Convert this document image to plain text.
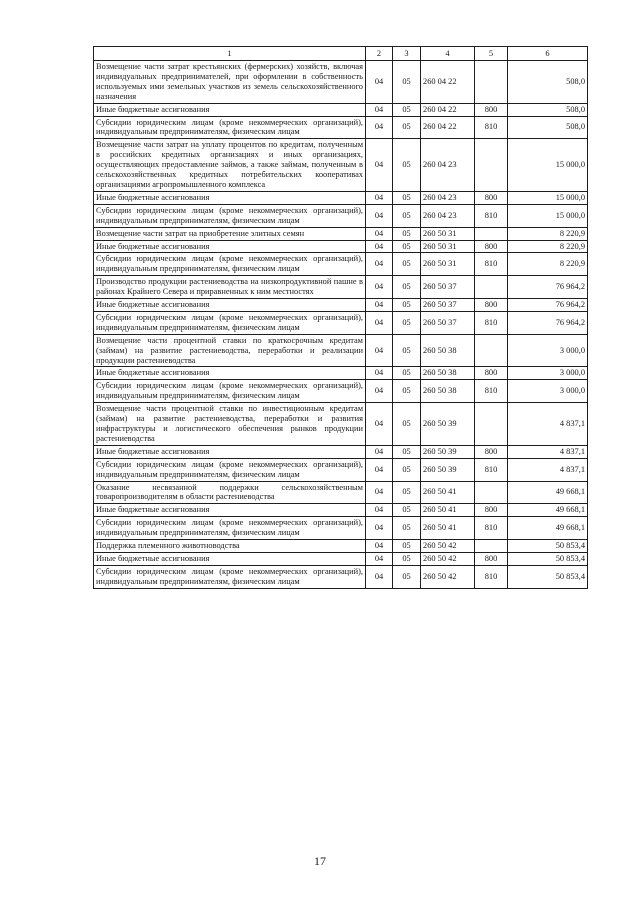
1	2	3	4	5	6
Возмещение части затрат крестьянских (фермерских) хозяйств, включая индивидуальных предпринимателей, при оформлении в собственность используемых ими земельных участков из земель сельскохозяйственного назначения	04	05	260 04 22		508,0
Иные бюджетные ассигнования	04	05	260 04 22	800	508,0
Субсидии юридическим лицам (кроме некоммерческих организаций), индивидуальным предпринимателям, физическим лицам	04	05	260 04 22	810	508,0
Возмещение части затрат на уплату процентов по кредитам, полученным в российских кредитных организациях и иных организациях, осуществляющих предоставление займов, а также займам, полученным в сельскохозяйственных кредитных потребительских кооперативах организациями агропромышленного комплекса	04	05	260 04 23		15 000,0
Иные бюджетные ассигнования	04	05	260 04 23	800	15 000,0
Субсидии юридическим лицам (кроме некоммерческих организаций), индивидуальным предпринимателям, физическим лицам	04	05	260 04 23	810	15 000,0
Возмещение части затрат на приобретение элитных семян	04	05	260 50 31		8 220,9
Иные бюджетные ассигнования	04	05	260 50 31	800	8 220,9
Субсидии юридическим лицам (кроме некоммерческих организаций), индивидуальным предпринимателям, физическим лицам	04	05	260 50 31	810	8 220,9
Производство продукции растениеводства на низкопродуктивной пашне в районах Крайнего Севера и приравненных к ним местностях	04	05	260 50 37		76 964,2
Иные бюджетные ассигнования	04	05	260 50 37	800	76 964,2
Субсидии юридическим лицам (кроме некоммерческих организаций), индивидуальным предпринимателям, физическим лицам	04	05	260 50 37	810	76 964,2
Возмещение части процентной ставки по краткосрочным кредитам (займам) на развитие растениеводства, переработки и реализации продукции растениеводства	04	05	260 50 38		3 000,0
Иные бюджетные ассигнования	04	05	260 50 38	800	3 000,0
Субсидии юридическим лицам (кроме некоммерческих организаций), индивидуальным предпринимателям, физическим лицам	04	05	260 50 38	810	3 000,0
Возмещение части процентной ставки по инвестиционным кредитам (займам) на развитие растениеводства, переработки и развития инфраструктуры и логистического обеспечения рынков продукции растениеводства	04	05	260 50 39		4 837,1
Иные бюджетные ассигнования	04	05	260 50 39	800	4 837,1
Субсидии юридическим лицам (кроме некоммерческих организаций), индивидуальным предпринимателям, физическим лицам	04	05	260 50 39	810	4 837,1
Оказание несвязанной поддержки сельскохозяйственным товаропроизводителям в области растениеводства	04	05	260 50 41		49 668,1
Иные бюджетные ассигнования	04	05	260 50 41	800	49 668,1
Субсидии юридическим лицам (кроме некоммерческих организаций), индивидуальным предпринимателям, физическим лицам	04	05	260 50 41	810	49 668,1
Поддержка племенного животноводства	04	05	260 50 42		50 853,4
Иные бюджетные ассигнования	04	05	260 50 42	800	50 853,4
Субсидии юридическим лицам (кроме некоммерческих организаций), индивидуальным предпринимателям, физическим лицам	04	05	260 50 42	810	50 853,4
17
